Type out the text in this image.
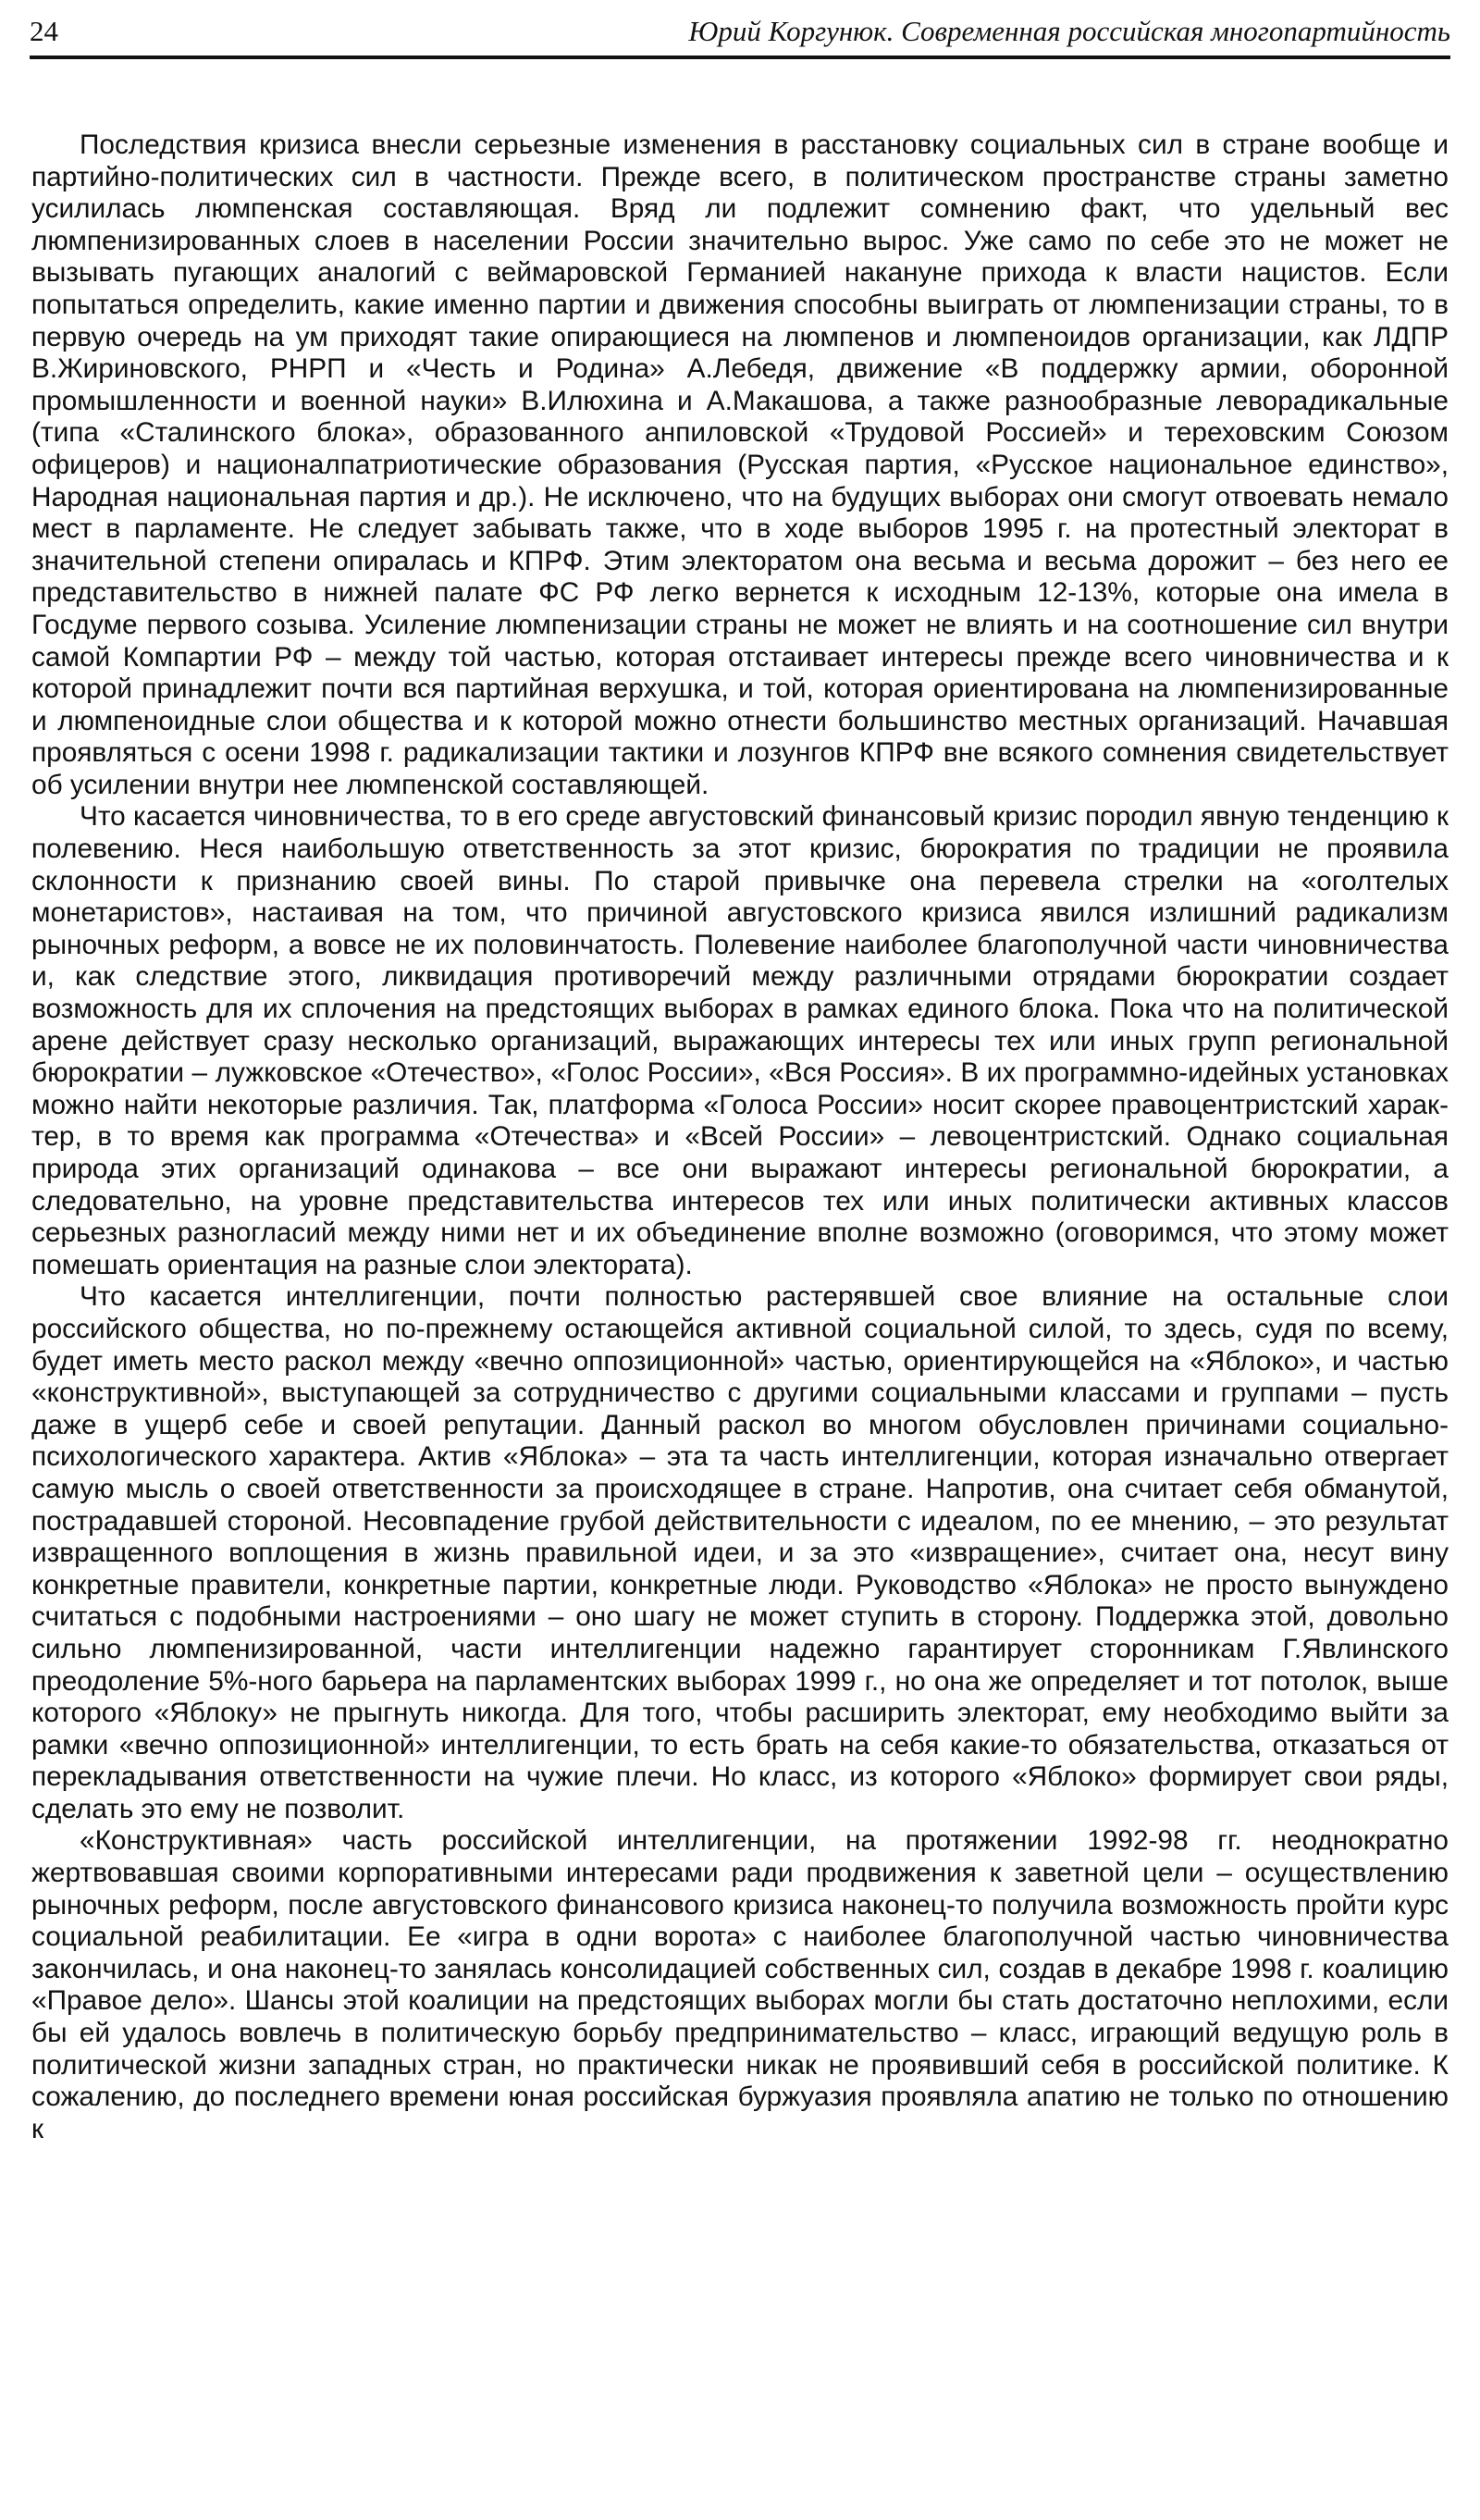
24	Юрий Коргунюк. Современная российская многопартийность

Последствия кризиса внесли серьезные изменения в расстановку социальных сил в стране вообще и партийно-политических сил в частности. Прежде всего, в политическом пространстве страны заметно усилилась люмпенская составляющая. Вряд ли подлежит сомнению факт, что удельный вес люмпенизированных слоев в населении России значительно вырос. Уже само по себе это не может не вызывать пугающих аналогий с веймаровской Германией накануне прихода к власти нацистов. Если попытаться определить, какие именно партии и движения способны выиграть от люмпенизации страны, то в первую очередь на ум приходят такие опирающиеся на люмпенов и люмпеноидов организации, как ЛДПР В.Жириновского, РНРП и «Честь и Родина» А.Лебедя, движение «В поддержку армии, оборонной промышленности и военной науки» В.Илюхина и А.Макашова, а также разнообразные леворадикальные (типа «Сталинского блока», образованного анпиловской «Трудовой Россией» и тереховским Союзом офицеров) и националпатриотические образования (Русская партия, «Русское национальное единство», Народная национальная партия и др.). Не исключено, что на будущих выборах они смогут отвоевать немало мест в парламенте. Не следует забывать также, что в ходе выборов 1995 г. на протестный электорат в значительной степени опиралась и КПРФ. Этим электоратом она весьма и весьма дорожит – без него ее представительство в нижней палате ФС РФ легко вернется к исходным 12-13%, которые она имела в Госдуме первого созыва. Усиление люмпенизации страны не может не влиять и на соотношение сил внутри самой Компартии РФ – между той частью, которая отстаивает интересы прежде всего чиновничества и к которой принадлежит почти вся партийная верхушка, и той, которая ориентирована на люмпенизированные и люмпеноидные слои общества и к которой можно отнести большинство местных организаций. Начавшая проявляться с осени 1998 г. радикализации тактики и лозунгов КПРФ вне всякого сомнения свидетельствует об усилении внутри нее люмпенской составляющей.

Что касается чиновничества, то в его среде августовский финансовый кризис породил явную тенденцию к полевению. Неся наибольшую ответственность за этот кризис, бюрократия по традиции не проявила склонности к признанию своей вины. По старой привычке она перевела стрелки на «оголтелых монетаристов», настаивая на том, что причиной августовского кризиса явился излишний радикализм рыночных реформ, а вовсе не их половинчатость. Полевение наиболее благополучной части чиновничества и, как следствие этого, ликвидация противоречий между различными отрядами бюрократии создает возможность для их сплочения на предстоящих выборах в рамках единого блока. Пока что на политической арене действует сразу несколько организаций, выражающих интересы тех или иных групп региональной бюрократии – лужковское «Отечество», «Голос России», «Вся Россия». В их программно-идейных установках можно найти некоторые различия. Так, платформа «Голоса России» носит скорее правоцентристский характер, в то время как программа «Отечества» и «Всей России» – левоцентристский. Однако социальная природа этих организаций одинакова – все они выражают интересы региональной бюрократии, а следовательно, на уровне представительства интересов тех или иных политически активных классов серьезных разногласий между ними нет и их объединение вполне возможно (оговоримся, что этому может помешать ориентация на разные слои электората).

Что касается интеллигенции, почти полностью растерявшей свое влияние на остальные слои российского общества, но по-прежнему остающейся активной социальной силой, то здесь, судя по всему, будет иметь место раскол между «вечно оппозиционной» частью, ориентирующейся на «Яблоко», и частью «конструктивной», выступающей за сотрудничество с другими социальными классами и группами – пусть даже в ущерб себе и своей репутации. Данный раскол во многом обусловлен причинами социально-психологического характера. Актив «Яблока» – эта та часть интеллигенции, которая изначально отвергает самую мысль о своей ответственности за происходящее в стране. Напротив, она считает себя обманутой, пострадавшей стороной. Несовпадение грубой действительности с идеалом, по ее мнению, – это результат извращенного воплощения в жизнь правильной идеи, и за это «извращение», считает она, несут вину конкретные правители, конкретные партии, конкретные люди. Руководство «Яблока» не просто вынуждено считаться с подобными настроениями – оно шагу не может ступить в сторону. Поддержка этой, довольно сильно люмпенизированной, части интеллигенции надежно гарантирует сторонникам Г.Явлинского преодоление 5%-ного барьера на парламентских выборах 1999 г., но она же определяет и тот потолок, выше которого «Яблоку» не прыгнуть никогда. Для того, чтобы расширить электорат, ему необходимо выйти за рамки «вечно оппозиционной» интеллигенции, то есть брать на себя какие-то обязательства, отказаться от перекладывания ответственности на чужие плечи. Но класс, из которого «Яблоко» формирует свои ряды, сделать это ему не позволит.

«Конструктивная» часть российской интеллигенции, на протяжении 1992-98 гг. неоднократно жертвовавшая своими корпоративными интересами ради продвижения к заветной цели – осуществлению рыночных реформ, после августовского финансового кризиса наконец-то получила возможность пройти курс социальной реабилитации. Ее «игра в одни ворота» с наиболее благополучной частью чиновничества закончилась, и она наконец-то занялась консолидацией собственных сил, создав в декабре 1998 г. коалицию «Правое дело». Шансы этой коалиции на предстоящих выборах могли бы стать достаточно неплохими, если бы ей удалось вовлечь в политическую борьбу предпринимательство – класс, играющий ведущую роль в политической жизни западных стран, но практически никак не проявивший себя в российской политике. К сожалению, до последнего времени юная российская буржуазия проявляла апатию не только по отношению к
